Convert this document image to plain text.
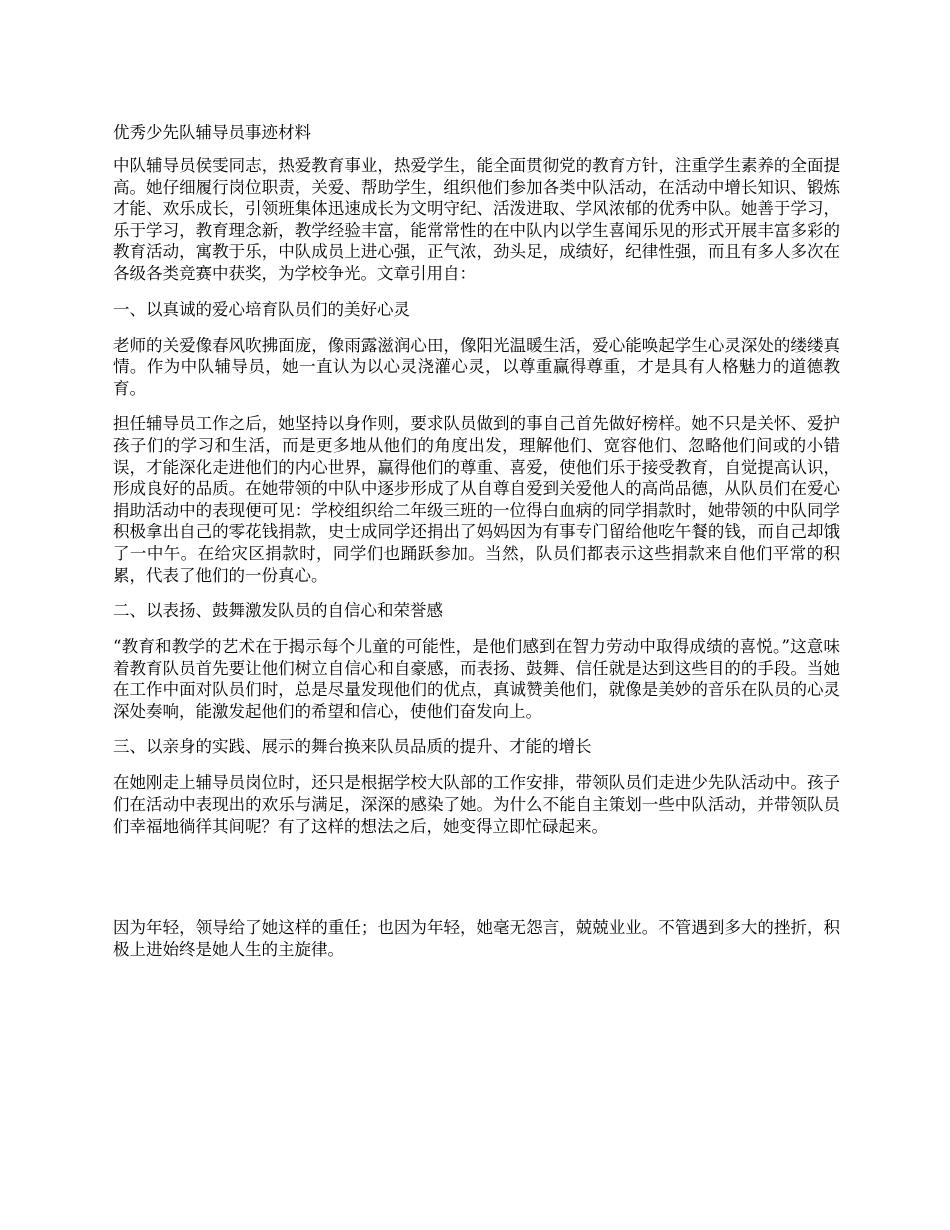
优秀少先队辅导员事迹材料

中队辅导员侯雯同志，热爱教育事业，热爱学生，能全面贯彻党的教育方针，注重学生素养的全面提高。她仔细履行岗位职责，关爱、帮助学生，组织他们参加各类中队活动，在活动中增长知识、锻炼才能、欢乐成长，引领班集体迅速成长为文明守纪、活泼进取、学风浓郁的优秀中队。她善于学习，乐于学习，教育理念新，教学经验丰富，能常常性的在中队内以学生喜闻乐见的形式开展丰富多彩的教育活动，寓教于乐，中队成员上进心强，正气浓，劲头足，成绩好，纪律性强，而且有多人多次在各级各类竞赛中获奖，为学校争光。文章引用自：

一、以真诚的爱心培育队员们的美好心灵

老师的关爱像春风吹拂面庞，像雨露滋润心田，像阳光温暖生活，爱心能唤起学生心灵深处的缕缕真情。作为中队辅导员，她一直认为以心灵浇灌心灵，以尊重赢得尊重，才是具有人格魅力的道德教育。

担任辅导员工作之后，她坚持以身作则，要求队员做到的事自己首先做好榜样。她不只是关怀、爱护孩子们的学习和生活，而是更多地从他们的角度出发，理解他们、宽容他们、忽略他们间或的小错误，才能深化走进他们的内心世界，赢得他们的尊重、喜爱，使他们乐于接受教育，自觉提高认识，形成良好的品质。在她带领的中队中逐步形成了从自尊自爱到关爱他人的高尚品德，从队员们在爱心捐助活动中的表现便可见：学校组织给二年级三班的一位得白血病的同学捐款时，她带领的中队同学积极拿出自己的零花钱捐款，史士成同学还捐出了妈妈因为有事专门留给他吃午餐的钱，而自己却饿了一中午。在给灾区捐款时，同学们也踊跃参加。当然，队员们都表示这些捐款来自他们平常的积累，代表了他们的一份真心。

二、以表扬、鼓舞激发队员的自信心和荣誉感

“教育和教学的艺术在于揭示每个儿童的可能性，是他们感到在智力劳动中取得成绩的喜悦。”这意味着教育队员首先要让他们树立自信心和自豪感，而表扬、鼓舞、信任就是达到这些目的的手段。当她在工作中面对队员们时，总是尽量发现他们的优点，真诚赞美他们，就像是美妙的音乐在队员的心灵深处奏响，能激发起他们的希望和信心，使他们奋发向上。

三、以亲身的实践、展示的舞台换来队员品质的提升、才能的增长

在她刚走上辅导员岗位时，还只是根据学校大队部的工作安排，带领队员们走进少先队活动中。孩子们在活动中表现出的欢乐与满足，深深的感染了她。为什么不能自主策划一些中队活动，并带领队员们幸福地徜徉其间呢？有了这样的想法之后，她变得立即忙碌起来。

因为年轻，领导给了她这样的重任；也因为年轻，她毫无怨言，兢兢业业。不管遇到多大的挫折，积极上进始终是她人生的主旋律。
